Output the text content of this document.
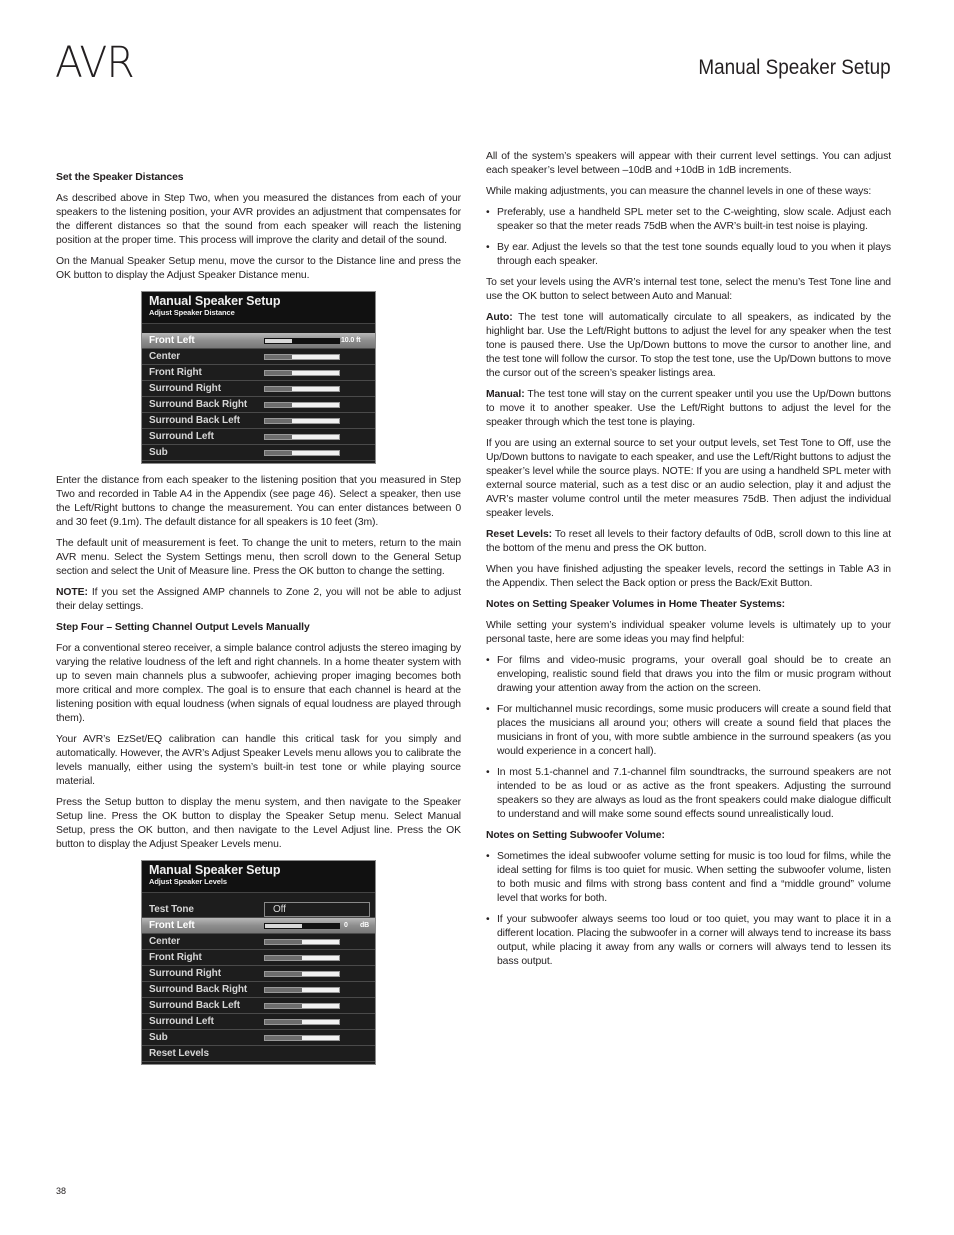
AVR	Manual Speaker Setup
Set the Speaker Distances

As described above in Step Two, when you measured the distances from each of your speakers to the listening position, your AVR provides an adjustment that compensates for the different distances so that the sound from each speaker will reach the listening position at the proper time. This process will improve the clarity and detail of the sound.

On the Manual Speaker Setup menu, move the cursor to the Distance line and press the OK button to display the Adjust Speaker Distance menu.

Manual Speaker Setup
Adjust Speaker Distance
Front Left	10.0 ft
Center
Front Right
Surround Right
Surround Back Right
Surround Back Left
Surround Left
Sub

Enter the distance from each speaker to the listening position that you measured in Step Two and recorded in Table A4 in the Appendix (see page 46). Select a speaker, then use the Left/Right buttons to change the measurement. You can enter distances between 0 and 30 feet (9.1m). The default distance for all speakers is 10 feet (3m).

The default unit of measurement is feet. To change the unit to meters, return to the main AVR menu. Select the System Settings menu, then scroll down to the General Setup section and select the Unit of Measure line. Press the OK button to change the setting.

NOTE: If you set the Assigned AMP channels to Zone 2, you will not be able to adjust their delay settings.

Step Four – Setting Channel Output Levels Manually

For a conventional stereo receiver, a simple balance control adjusts the stereo imaging by varying the relative loudness of the left and right channels. In a home theater system with up to seven main channels plus a subwoofer, achieving proper imaging becomes both more critical and more complex. The goal is to ensure that each channel is heard at the listening position with equal loudness (when signals of equal loudness are played through them).

Your AVR’s EzSet/EQ calibration can handle this critical task for you simply and automatically. However, the AVR’s Adjust Speaker Levels menu allows you to calibrate the levels manually, either using the system’s built-in test tone or while playing source material.

Press the Setup button to display the menu system, and then navigate to the Speaker Setup line. Press the OK button to display the Speaker Setup menu. Select Manual Setup, press the OK button, and then navigate to the Level Adjust line. Press the OK button to display the Adjust Speaker Levels menu.

Manual Speaker Setup
Adjust Speaker Levels
Test Tone	Off
Front Left	0 dB
Center
Front Right
Surround Right
Surround Back Right
Surround Back Left
Surround Left
Sub
Reset Levels

All of the system’s speakers will appear with their current level settings. You can adjust each speaker’s level between –10dB and +10dB in 1dB increments.

While making adjustments, you can measure the channel levels in one of these ways:

• Preferably, use a handheld SPL meter set to the C-weighting, slow scale. Adjust each speaker so that the meter reads 75dB when the AVR’s built-in test noise is playing.
• By ear. Adjust the levels so that the test tone sounds equally loud to you when it plays through each speaker.

To set your levels using the AVR’s internal test tone, select the menu’s Test Tone line and use the OK button to select between Auto and Manual:

Auto: The test tone will automatically circulate to all speakers, as indicated by the highlight bar. Use the Left/Right buttons to adjust the level for any speaker when the test tone is paused there. Use the Up/Down buttons to move the cursor to another line, and the test tone will follow the cursor. To stop the test tone, use the Up/Down buttons to move the cursor out of the screen’s speaker listings area.

Manual: The test tone will stay on the current speaker until you use the Up/Down buttons to move it to another speaker. Use the Left/Right buttons to adjust the level for the speaker through which the test tone is playing.

If you are using an external source to set your output levels, set Test Tone to Off, use the Up/Down buttons to navigate to each speaker, and use the Left/Right buttons to adjust the speaker’s level while the source plays. NOTE: If you are using a handheld SPL meter with external source material, such as a test disc or an audio selection, play it and adjust the AVR’s master volume control until the meter measures 75dB. Then adjust the individual speaker levels.

Reset Levels: To reset all levels to their factory defaults of 0dB, scroll down to this line at the bottom of the menu and press the OK button.

When you have finished adjusting the speaker levels, record the settings in Table A3 in the Appendix. Then select the Back option or press the Back/Exit Button.

Notes on Setting Speaker Volumes in Home Theater Systems:

While setting your system’s individual speaker volume levels is ultimately up to your personal taste, here are some ideas you may find helpful:

• For films and video-music programs, your overall goal should be to create an enveloping, realistic sound field that draws you into the film or music program without drawing your attention away from the action on the screen.
• For multichannel music recordings, some music producers will create a sound field that places the musicians all around you; others will create a sound field that places the musicians in front of you, with more subtle ambience in the surround speakers (as you would experience in a concert hall).
• In most 5.1-channel and 7.1-channel film soundtracks, the surround speakers are not intended to be as loud or as active as the front speakers. Adjusting the surround speakers so they are always as loud as the front speakers could make dialogue difficult to understand and will make some sound effects sound unrealistically loud.
Notes on Setting Subwoofer Volume:
• Sometimes the ideal subwoofer volume setting for music is too loud for films, while the ideal setting for films is too quiet for music. When setting the subwoofer volume, listen to both music and films with strong bass content and find a “middle ground” volume level that works for both.
• If your subwoofer always seems too loud or too quiet, you may want to place it in a different location. Placing the subwoofer in a corner will always tend to increase its bass output, while placing it away from any walls or corners will always tend to lessen its bass output.
38
